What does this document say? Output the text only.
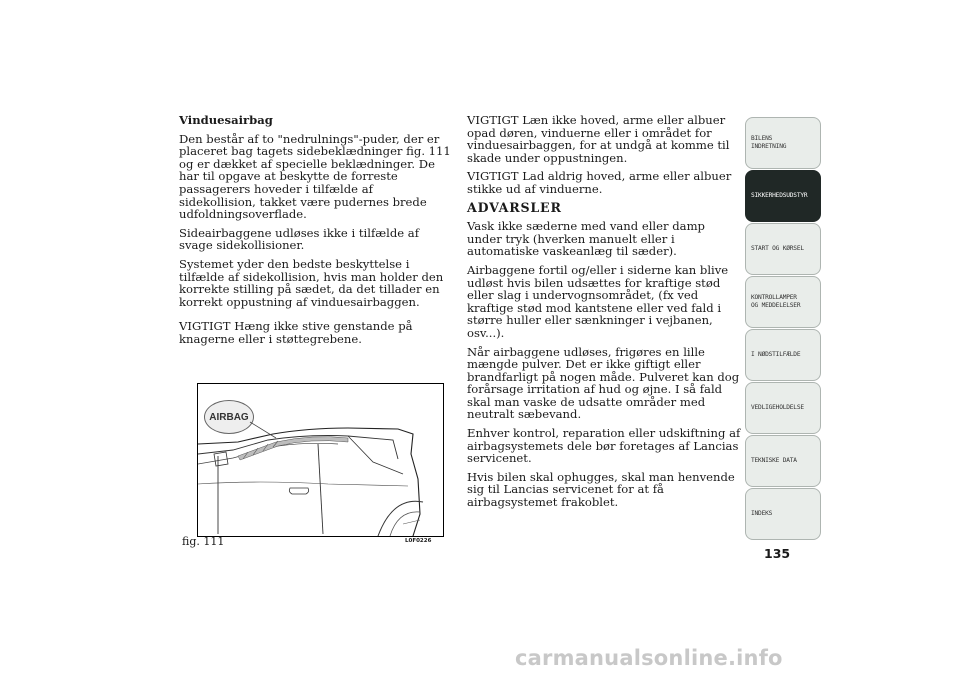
Vinduesairbag

Den består af to "nedrulnings"-puder, der er placeret bag tagets sidebeklædninger fig. 111 og er dækket af specielle beklædninger. De har til opgave at beskytte de forreste passagerers hoveder i tilfælde af sidekollision, takket være pudernes brede udfoldningsoverflade.

Sideairbaggene udløses ikke i tilfælde af svage sidekollisioner.

Systemet yder den bedste beskyttelse i tilfælde af sidekollision, hvis man holder den korrekte stilling på sædet, da det tillader en korrekt oppustning af vinduesairbaggen.

VIGTIGT Hæng ikke stive genstande på knagerne eller i støttegrebene.

VIGTIGT Læn ikke hoved, arme eller albuer opad døren, vinduerne eller i området for vinduesairbaggen, for at undgå at komme til skade under oppustningen.

VIGTIGT Lad aldrig hoved, arme eller albuer stikke ud af vinduerne.

ADVARSLER

Vask ikke sæderne med vand eller damp under tryk (hverken manuelt eller i automatiske vaskeanlæg til sæder).

Airbaggene fortil og/eller i siderne kan blive udløst hvis bilen udsættes for kraftige stød eller slag i undervognsområdet, (fx ved kraftige stød mod kantstene eller ved fald i større huller eller sænkninger i vejbanen, osv...).

Når airbaggene udløses, frigøres en lille mængde pulver. Det er ikke giftigt eller brandfarligt på nogen måde. Pulveret kan dog forårsage irritation af hud og øjne. I så fald skal man vaske de udsatte områder med neutralt sæbevand.

Enhver kontrol, reparation eller udskiftning af airbagsystemets dele bør foretages af Lancias servicenet.

Hvis bilen skal ophugges, skal man henvende sig til Lancias servicenet for at få airbagsystemet frakoblet.

AIRBAG
fig. 111	L0F0226
BILENS
INDRETNING
SIKKERHEDSUDSTYR
START OG KØRSEL
KONTROLLAMPER
OG MEDDELELSER
I NØDSTILFÆLDE
VEDLIGEHOLDELSE
TEKNISKE DATA
INDEKS
135
carmanualsonline.info
